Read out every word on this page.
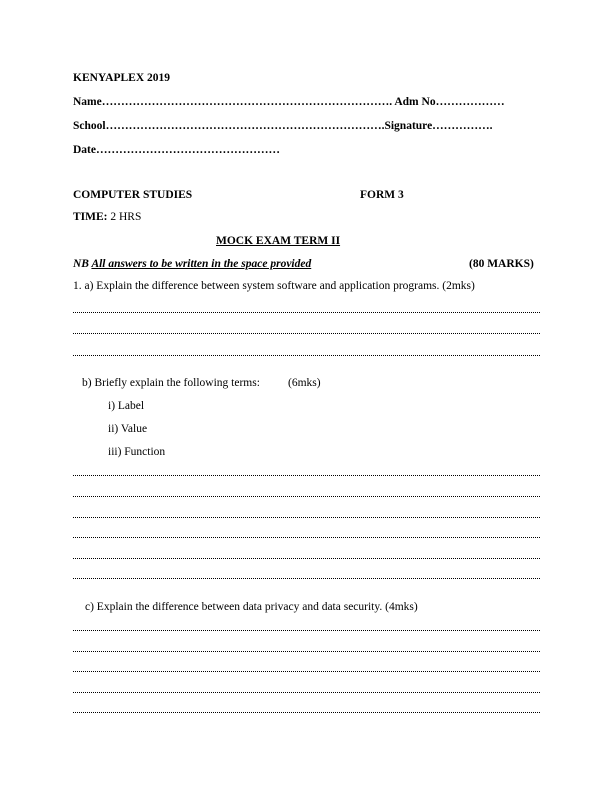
KENYAPLEX 2019
Name…………………………………………………………………. Adm No………………
School……………………………………………………………….Signature…………….
Date…………………………………………
COMPUTER STUDIES	FORM 3
TIME: 2 HRS
MOCK EXAM TERM II
NB All answers to be written in the space provided	(80 MARKS)
1. a) Explain the difference between system software and application programs. (2mks)
b) Briefly explain the following terms: (6mks)
i) Label
ii) Value
iii) Function
c) Explain the difference between data privacy and data security. (4mks)
